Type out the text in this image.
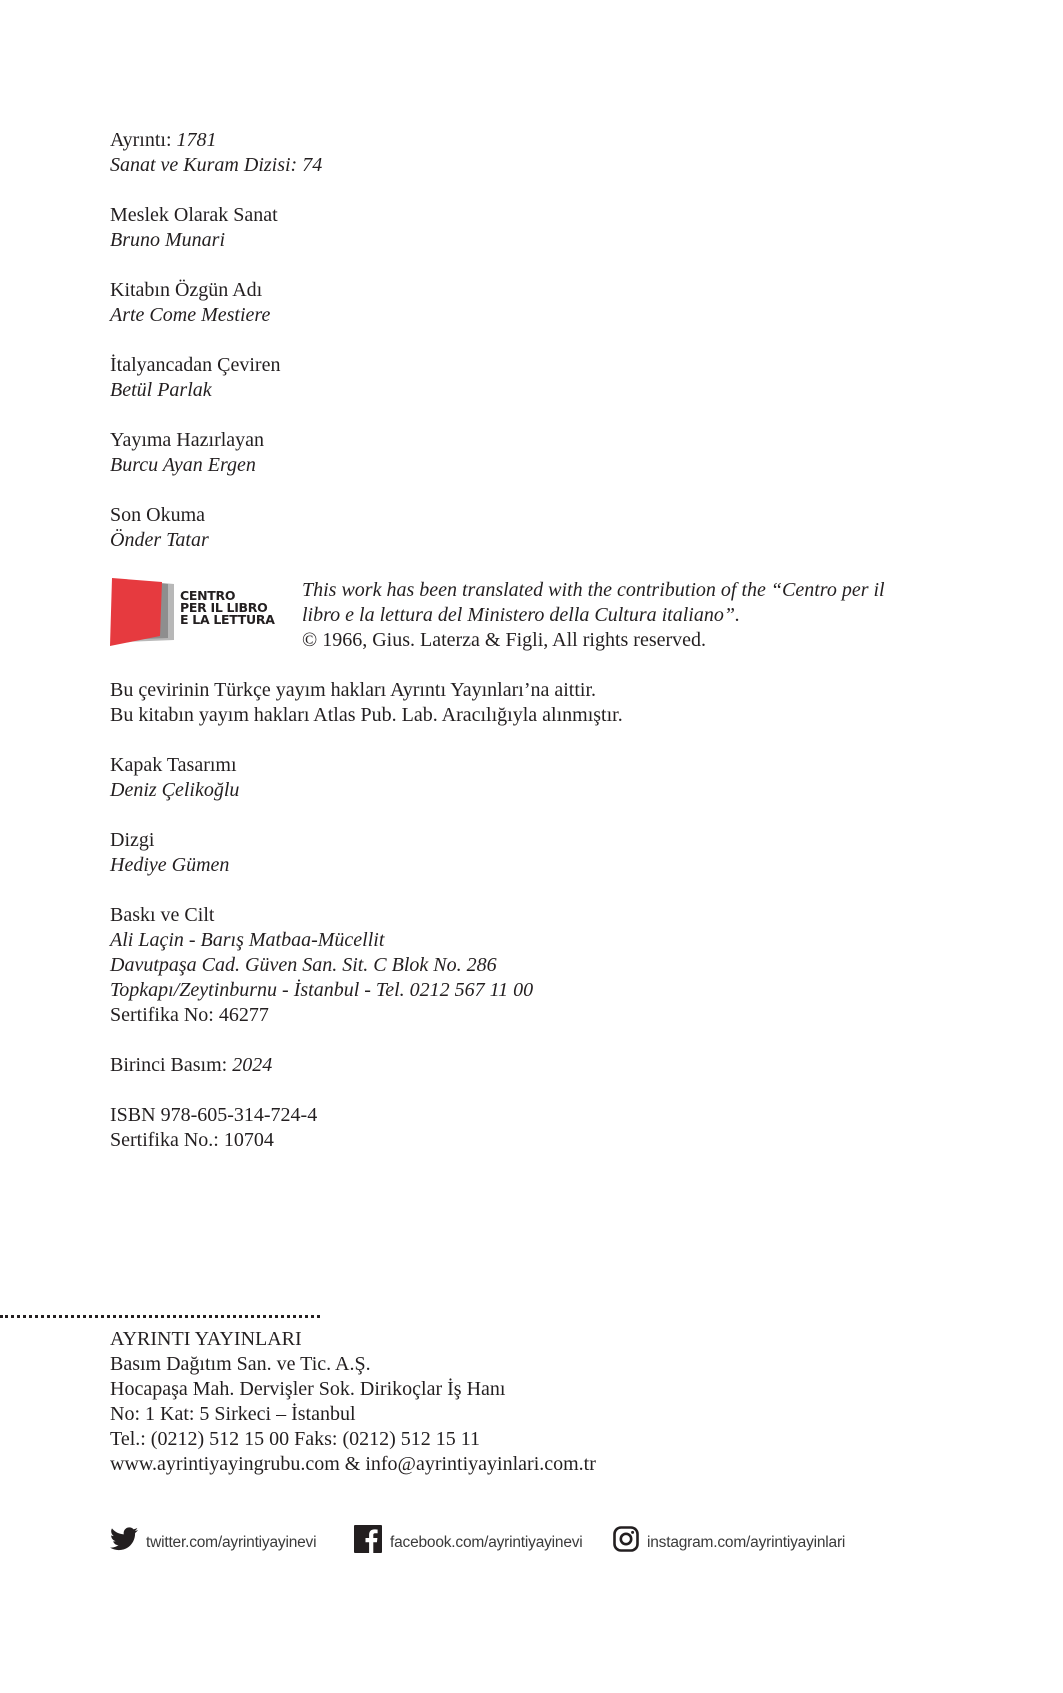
Ayrıntı: 1781
Sanat ve Kuram Dizisi: 74
Meslek Olarak Sanat
Bruno Munari
Kitabın Özgün Adı
Arte Come Mestiere
İtalyancadan Çeviren
Betül Parlak
Yayıma Hazırlayan
Burcu Ayan Ergen
Son Okuma
Önder Tatar
CENTRO
PER IL LIBRO
E LA LETTURA
This work has been translated with the contribution of the “Centro per il
libro e la lettura del Ministero della Cultura italiano”.
© 1966, Gius. Laterza & Figli, All rights reserved.
Bu çevirinin Türkçe yayım hakları Ayrıntı Yayınları’na aittir.
Bu kitabın yayım hakları Atlas Pub. Lab. Aracılığıyla alınmıştır.
Kapak Tasarımı
Deniz Çelikoğlu
Dizgi
Hediye Gümen
Baskı ve Cilt
Ali Laçin - Barış Matbaa-Mücellit
Davutpaşa Cad. Güven San. Sit. C Blok No. 286
Topkapı/Zeytinburnu - İstanbul - Tel. 0212 567 11 00
Sertifika No: 46277
Birinci Basım: 2024
ISBN 978-605-314-724-4
Sertifika No.: 10704
AYRINTI YAYINLARI
Basım Dağıtım San. ve Tic. A.Ş.
Hocapaşa Mah. Dervişler Sok. Dirikoçlar İş Hanı
No: 1 Kat: 5 Sirkeci – İstanbul
Tel.: (0212) 512 15 00 Faks: (0212) 512 15 11
www.ayrintiyayingrubu.com & info@ayrintiyayinlari.com.tr
twitter.com/ayrintiyayinevi	facebook.com/ayrintiyayinevi	instagram.com/ayrintiyayinlari
